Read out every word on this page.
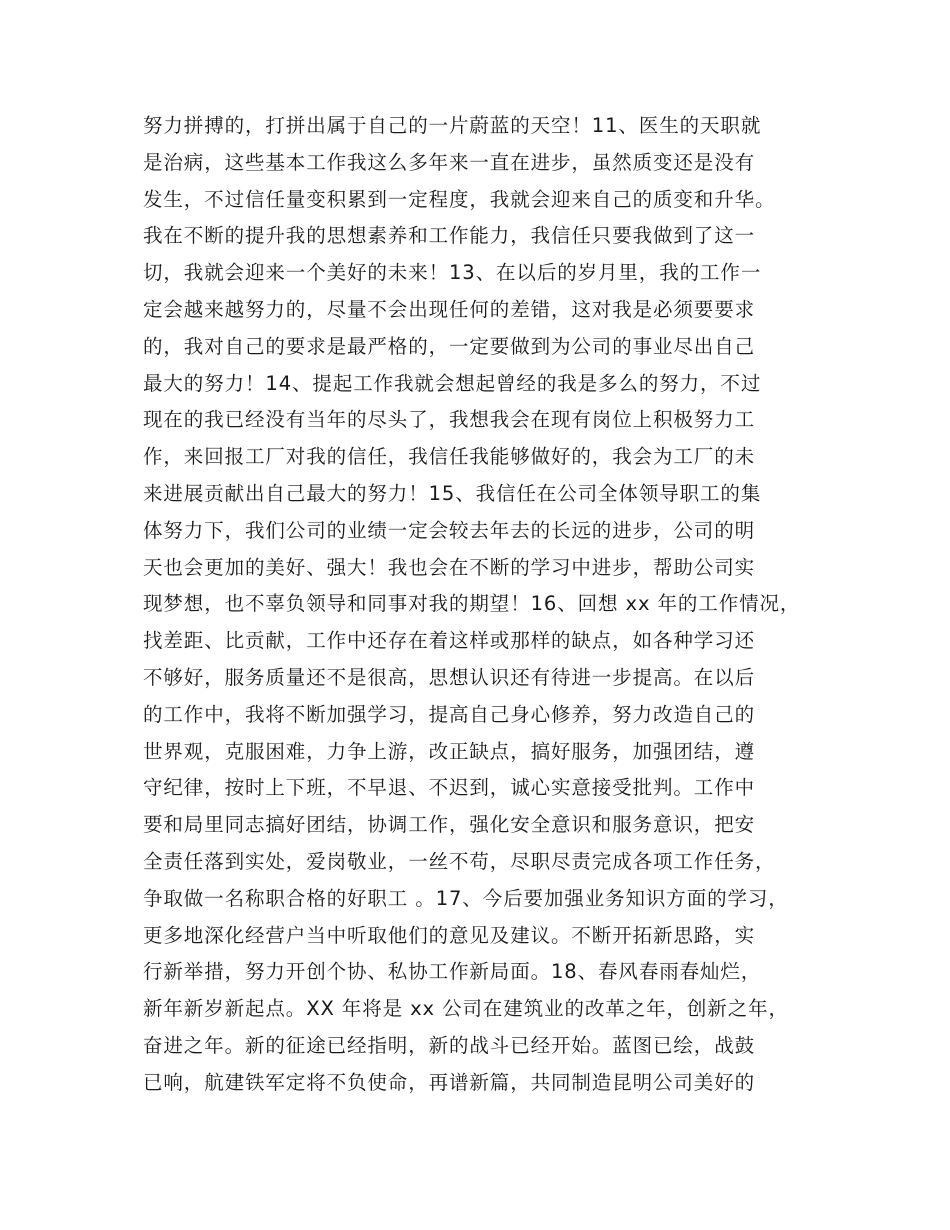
努力拼搏的，打拼出属于自己的一片蔚蓝的天空！11、医生的天职就
是治病，这些基本工作我这么多年来一直在进步，虽然质变还是没有
发生，不过信任量变积累到一定程度，我就会迎来自己的质变和升华。
我在不断的提升我的思想素养和工作能力，我信任只要我做到了这一
切，我就会迎来一个美好的未来！13、在以后的岁月里，我的工作一
定会越来越努力的，尽量不会出现任何的差错，这对我是必须要要求
的，我对自己的要求是最严格的，一定要做到为公司的事业尽出自己
最大的努力！14、提起工作我就会想起曾经的我是多么的努力，不过
现在的我已经没有当年的尽头了，我想我会在现有岗位上积极努力工
作，来回报工厂对我的信任，我信任我能够做好的，我会为工厂的未
来进展贡献出自己最大的努力！15、我信任在公司全体领导职工的集
体努力下，我们公司的业绩一定会较去年去的长远的进步，公司的明
天也会更加的美好、强大！我也会在不断的学习中进步，帮助公司实
现梦想，也不辜负领导和同事对我的期望！16、回想 xx 年的工作情况，
找差距、比贡献，工作中还存在着这样或那样的缺点，如各种学习还
不够好，服务质量还不是很高，思想认识还有待进一步提高。在以后
的工作中，我将不断加强学习，提高自己身心修养，努力改造自己的
世界观，克服困难，力争上游，改正缺点，搞好服务，加强团结，遵
守纪律，按时上下班，不早退、不迟到，诚心实意接受批判。工作中
要和局里同志搞好团结，协调工作，强化安全意识和服务意识，把安
全责任落到实处，爱岗敬业，一丝不苟，尽职尽责完成各项工作任务，
争取做一名称职合格的好职工 。17、今后要加强业务知识方面的学习，
更多地深化经营户当中听取他们的意见及建议。不断开拓新思路，实
行新举措，努力开创个协、私协工作新局面。18、春风春雨春灿烂，
新年新岁新起点。XX 年将是 xx 公司在建筑业的改革之年，创新之年，
奋进之年。新的征途已经指明，新的战斗已经开始。蓝图已绘，战鼓
已响，航建铁军定将不负使命，再谱新篇，共同制造昆明公司美好的
